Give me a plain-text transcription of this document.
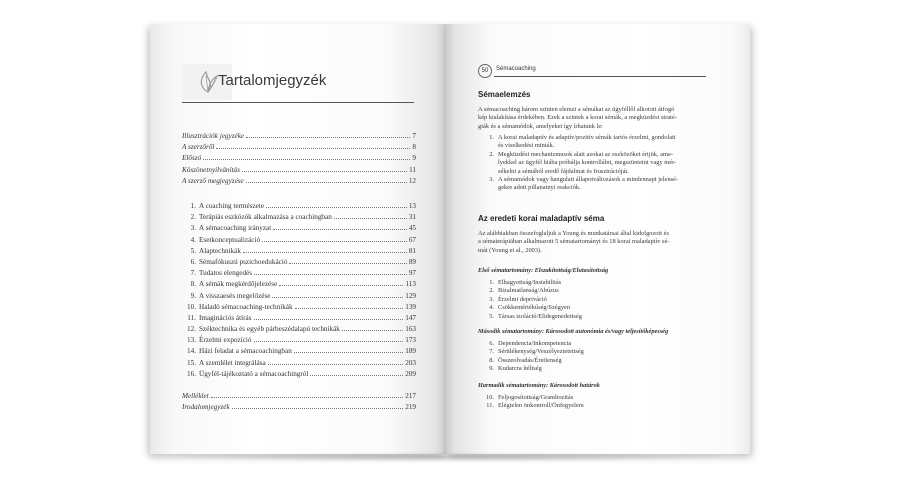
Tartalomjegyzék
Illusztrációk jegyzéke	7
A szerzőről	8
Előszó	9
Köszönetnyilvánítás	11
A szerző megjegyzése	12
1. A coaching természete	13
2. Terápiás eszközök alkalmazása a coachingban	31
3. A sémacoaching irányzat	45
4. Esetkonceptualizáció	67
5. Alaptechnikák	81
6. Sémafókuszú pszichoedukáció	89
7. Tudatos elengedés	97
8. A sémák megkérdőjelezése	113
9. A visszaesés megelőzése	129
10. Haladó sémacoaching-technikák	139
11. Imaginációs átírás	147
12. Széktechnika és egyéb párbeszédalapú technikák	163
13. Érzelmi expozíció	173
14. Házi feladat a sémacoachingban	189
15. A szemlélet integrálása	203
16. Ügyfél-tájékoztató a sémacoachingról	209
Melléklet	217
Irodalomjegyzék	219
50	Sémacoaching
Sémaelemzés
A sémacoaching három szinten elemzi a sémákat az ügyféllől alkotott átfogó
kép kialakítása érdekében. Ezek a szintek a korai sémák, a megküzdési straté-
giák és a sémamódok, amelyeket így írhatunk le:
1. A korai maladaptív és adaptív/pozitív sémák tartós érzelmi, gondolati
és viselkedési minták.
2. Megküzdési mechanizmusok alatt azokat az eszközöket értjük, ame-
lyekkel az ügyfél hiába próbálja kontrollálni, megszüntetni vagy mér-
sékelni a sémából eredő fájdalmat és frusztrációját.
3. A sémamódok vagy hangulati állapotváltozások a mindennapi jelensé-
gekre adott pillanatnyi reakciók.
Az eredeti korai maladaptív séma
Az alábbiakban összefoglaljuk a Young és munkatársai által kidolgozott és
a sématerápiában alkalmazott 5 sématartományt és 18 korai maladaptív sé-
mát (Young et al., 2003).
Első sématartomány: Elszakítottság/Elutasítottság
1. Elhagyottság/Instabilitás
2. Bizalmatlanság/Abúzus
3. Érzelmi depriváció
4. Csökkentértékűség/Szégyen
5. Társas izoláció/Elidegenedettség
Második sématartomány: Károsodott autonómia és/vagy teljesítőképesség
6. Dependencia/Inkompetencia
7. Sérülékenység/Veszélyeztetettség
8. Összeolvadás/Éretlenség
9. Kudarcra ítéltség
Harmadik sématartomány: Károsodott határok
10. Feljogosítottság/Grandiozitás
11. Elégtelen önkontroll/Önfegyelem
